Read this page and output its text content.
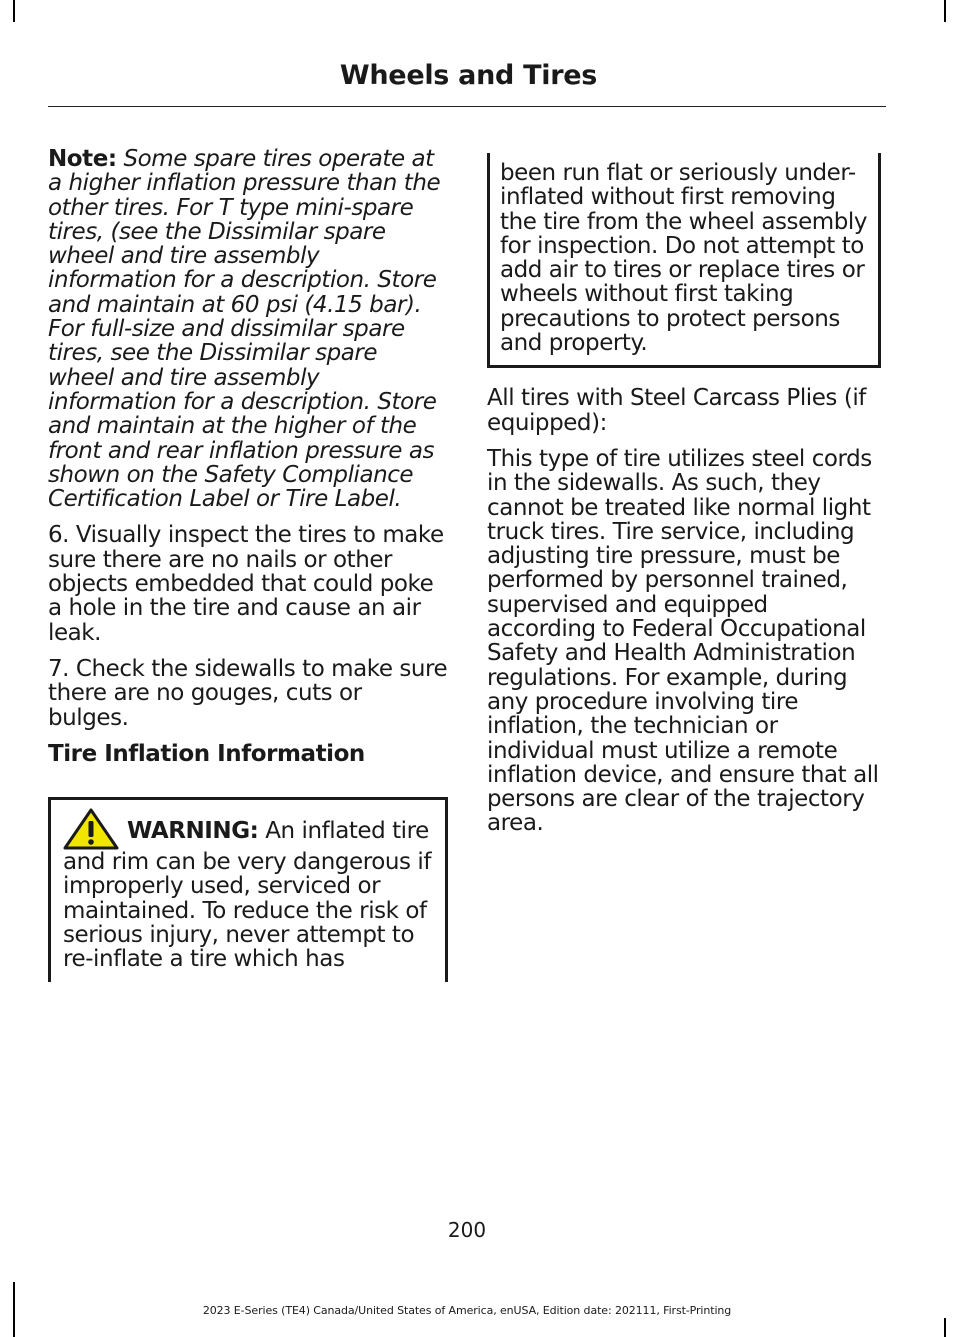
Wheels and Tires

Note: Some spare tires operate at a higher inflation pressure than the other tires. For T type mini-spare tires, (see the Dissimilar spare wheel and tire assembly information for a description. Store and maintain at 60 psi (4.15 bar). For full-size and dissimilar spare tires, see the Dissimilar spare wheel and tire assembly information for a description. Store and maintain at the higher of the front and rear inflation pressure as shown on the Safety Compliance Certification Label or Tire Label.

6. Visually inspect the tires to make sure there are no nails or other objects embedded that could poke a hole in the tire and cause an air leak.

7. Check the sidewalls to make sure there are no gouges, cuts or bulges.

Tire Inflation Information

WARNING: An inflated tire and rim can be very dangerous if improperly used, serviced or maintained. To reduce the risk of serious injury, never attempt to re-inflate a tire which has
been run flat or seriously under-inflated without first removing the tire from the wheel assembly for inspection. Do not attempt to add air to tires or replace tires or wheels without first taking precautions to protect persons and property.

All tires with Steel Carcass Plies (if equipped):

This type of tire utilizes steel cords in the sidewalls. As such, they cannot be treated like normal light truck tires. Tire service, including adjusting tire pressure, must be performed by personnel trained, supervised and equipped according to Federal Occupational Safety and Health Administration regulations. For example, during any procedure involving tire inflation, the technician or individual must utilize a remote inflation device, and ensure that all persons are clear of the trajectory area.

200
2023 E-Series (TE4) Canada/United States of America, enUSA, Edition date: 202111, First-Printing
